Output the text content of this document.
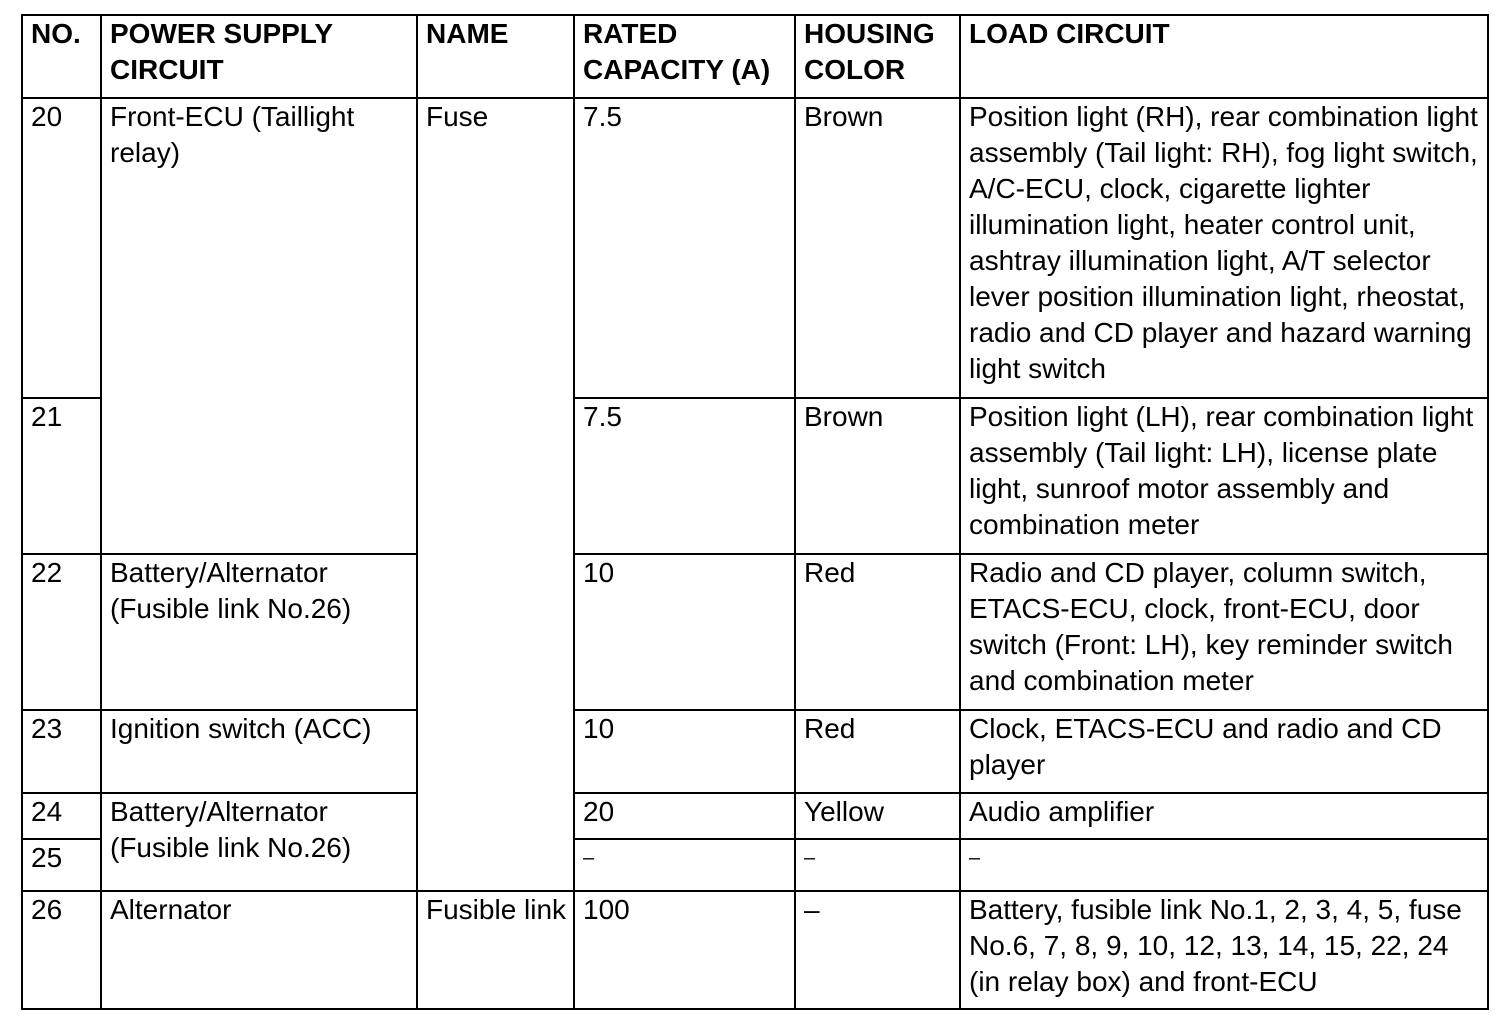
NO.	POWER SUPPLY CIRCUIT	NAME	RATED CAPACITY (A)	HOUSING COLOR	LOAD CIRCUIT
20	Front-ECU (Taillight relay)	Fuse	7.5	Brown	Position light (RH), rear combination light assembly (Tail light: RH), fog light switch, A/C-ECU, clock, cigarette lighter illumination light, heater control unit, ashtray illumination light, A/T selector lever position illumination light, rheostat, radio and CD player and hazard warning light switch
21			7.5	Brown	Position light (LH), rear combination light assembly (Tail light: LH), license plate light, sunroof motor assembly and combination meter
22	Battery/Alternator (Fusible link No.26)		10	Red	Radio and CD player, column switch, ETACS-ECU, clock, front-ECU, door switch (Front: LH), key reminder switch and combination meter
23	Ignition switch (ACC)		10	Red	Clock, ETACS-ECU and radio and CD player
24	Battery/Alternator (Fusible link No.26)		20	Yellow	Audio amplifier
25			–	–	–
26	Alternator	Fusible link	100	–	Battery, fusible link No.1, 2, 3, 4, 5, fuse No.6, 7, 8, 9, 10, 12, 13, 14, 15, 22, 24 (in relay box) and front-ECU
